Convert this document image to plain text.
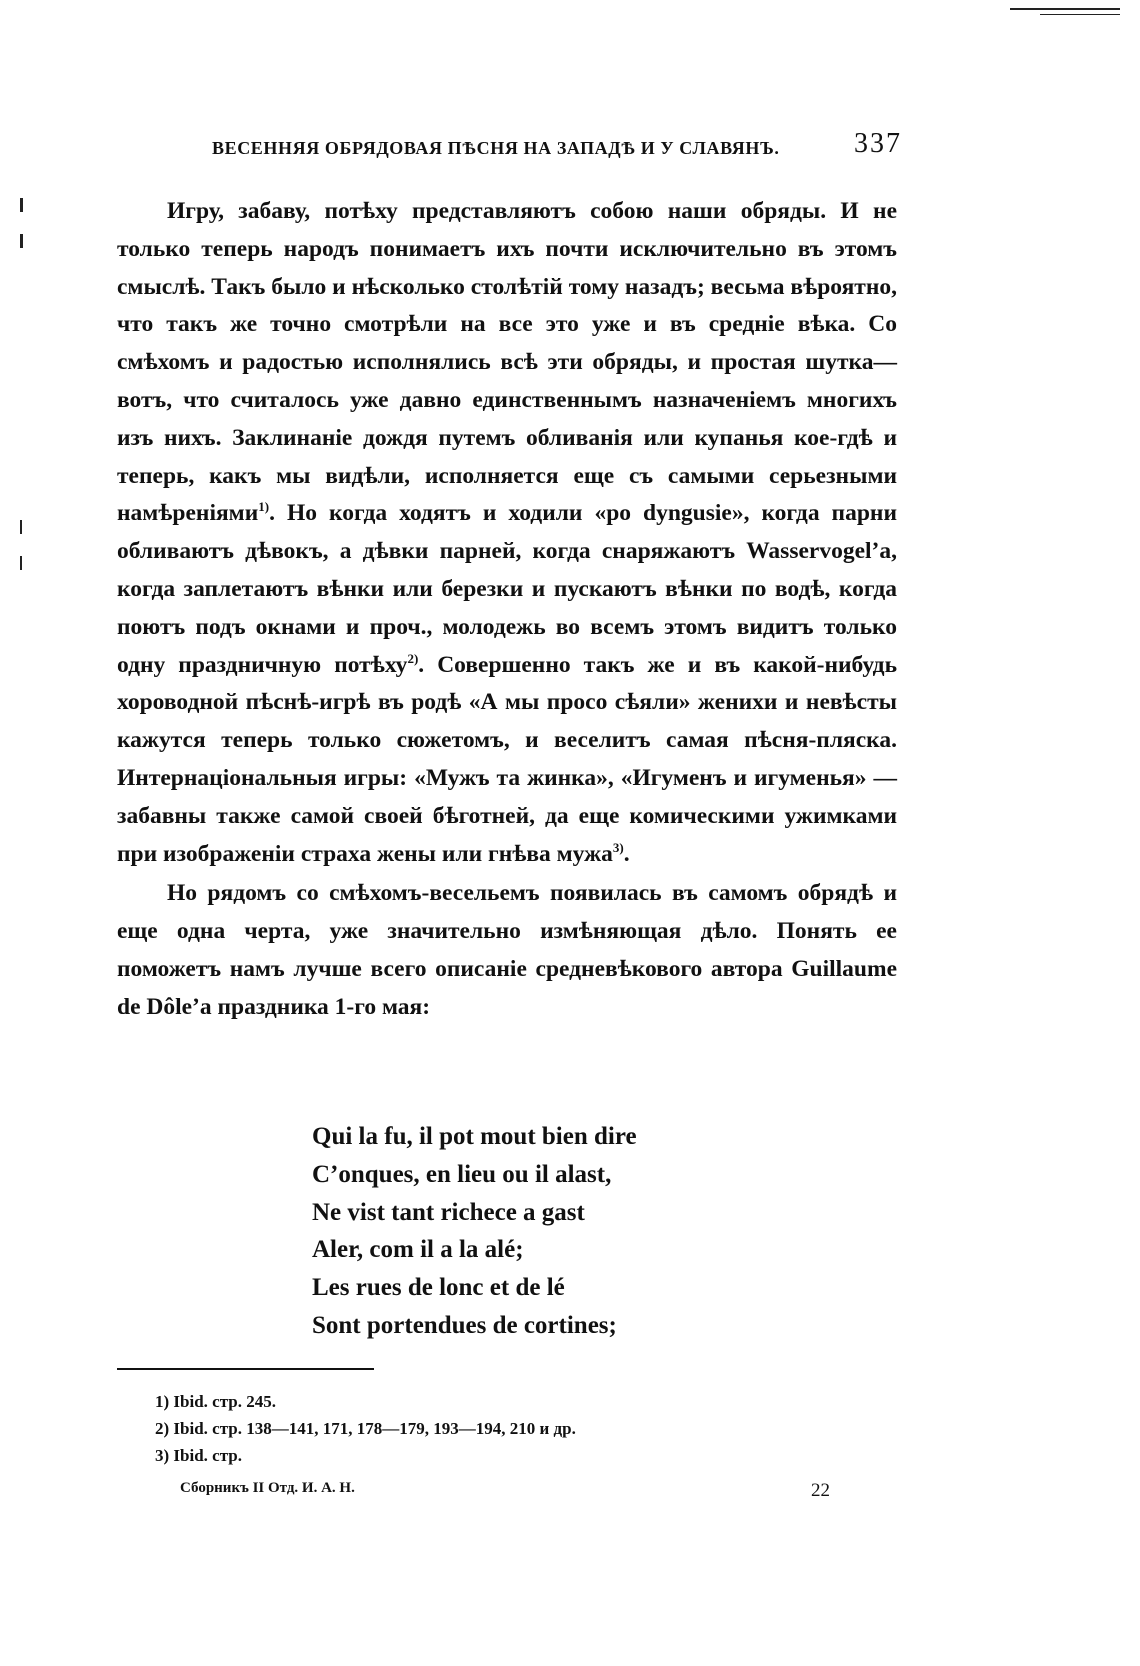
ВЕСЕННЯЯ ОБРЯДОВАЯ ПѢСНЯ НА ЗАПАДѢ И У СЛАВЯНЪ.	337

Игру, забаву, потѣху представляютъ собою наши обряды. И не только теперь народъ понимаетъ ихъ почти исключительно въ этомъ смыслѣ. Такъ было и нѣсколько столѣтій тому назадъ; весьма вѣроятно, что такъ же точно смотрѣли на все это уже и въ средніе вѣка. Со смѣхомъ и радостью исполнялись всѣ эти обряды, и простая шутка—вотъ, что считалось уже давно единственнымъ назначеніемъ многихъ изъ нихъ. Заклинаніе дождя путемъ обливанія или купанья кое-гдѣ и теперь, какъ мы видѣли, исполняется еще съ самыми серьезными намѣреніями$^{1)}$. Но когда ходятъ и ходили «po dyngusie», когда парни обливаютъ дѣвокъ, а дѣвки парней, когда снаряжаютъ Wasservogel’a, когда заплетаютъ вѣнки или березки и пускаютъ вѣнки по водѣ, когда поютъ подъ окнами и проч., молодежь во всемъ этомъ видитъ только одну праздничную потѣху$^{2)}$. Совершенно такъ же и въ какой-нибудь хороводной пѣснѣ-игрѣ въ родѣ «А мы просо сѣяли» женихи и невѣсты кажутся теперь только сюжетомъ, и веселитъ самая пѣсня-пляска. Интернаціональныя игры: «Мужъ та жинка», «Игуменъ и игуменья» — забавны также самой своей бѣготней, да еще комическими ужимками при изображеніи страха жены или гнѣва мужа$^{3)}$.

Но рядомъ со смѣхомъ-весельемъ появилась въ самомъ обрядѣ и еще одна черта, уже значительно измѣняющая дѣло. Понять ее поможетъ намъ лучше всего описаніе средневѣкового автора Guillaume de Dôle’a праздника 1-го мая:

Qui la fu, il pot mout bien dire
C’onques, en lieu ou il alast,
Ne vist tant richece a gast
Aler, com il a la alé;
Les rues de lonc et de lé
Sont portendues de cortines;
1) Ibid. стр. 245.
2) Ibid. стр. 138—141, 171, 178—179, 193—194, 210 и др.
3) Ibid. стр.
Сборникъ II Отд. И. А. Н.	22
